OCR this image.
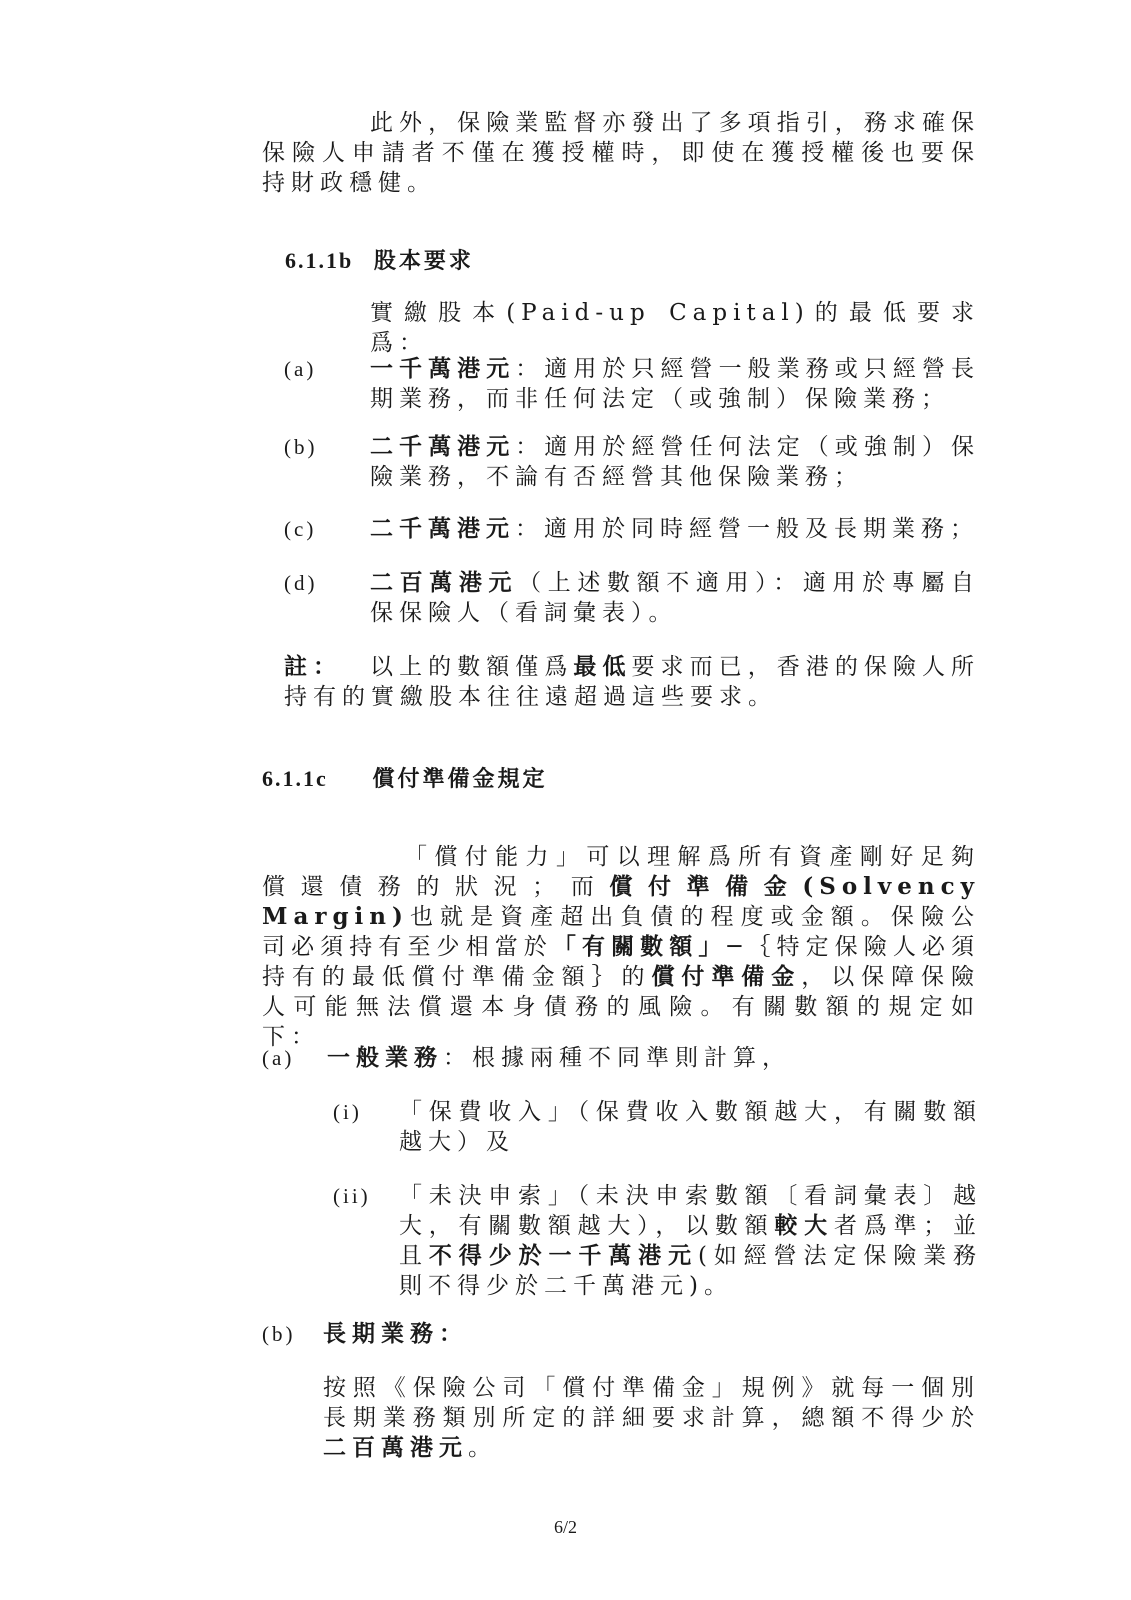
此外，保險業監督亦發出了多項指引，務求確保保險人申請者不僅在獲授權時，即使在獲授權後也要保持財政穩健。
6.1.1b 股本要求
實繳股本(Paid-up Capital)的最低要求爲：
(a) 一千萬港元：適用於只經營一般業務或只經營長期業務，而非任何法定（或強制）保險業務；
(b) 二千萬港元：適用於經營任何法定（或強制）保險業務，不論有否經營其他保險業務；
(c) 二千萬港元：適用於同時經營一般及長期業務；
(d) 二百萬港元（上述數額不適用）：適用於專屬自保保險人（看詞彙表）。
註： 以上的數額僅爲最低要求而已，香港的保險人所持有的實繳股本往往遠超過這些要求。
6.1.1c 償付準備金規定
「償付能力」可以理解爲所有資產剛好足夠償還債務的狀況；而償付準備金(Solvency Margin)也就是資產超出負債的程度或金額。保險公司必須持有至少相當於「有關數額」─｛特定保險人必須持有的最低償付準備金額｝的償付準備金，以保障保險人可能無法償還本身債務的風險。有關數額的規定如下：
(a) 一般業務：根據兩種不同準則計算，
(i) 「保費收入」（保費收入數額越大，有關數額越大）及
(ii) 「未決申索」（未決申索數額〔看詞彙表〕越大，有關數額越大），以數額較大者爲準；並且不得少於一千萬港元(如經營法定保險業務則不得少於二千萬港元)。
(b) 長期業務：
按照《保險公司「償付準備金」規例》就每一個別長期業務類別所定的詳細要求計算，總額不得少於二百萬港元。
6/2
